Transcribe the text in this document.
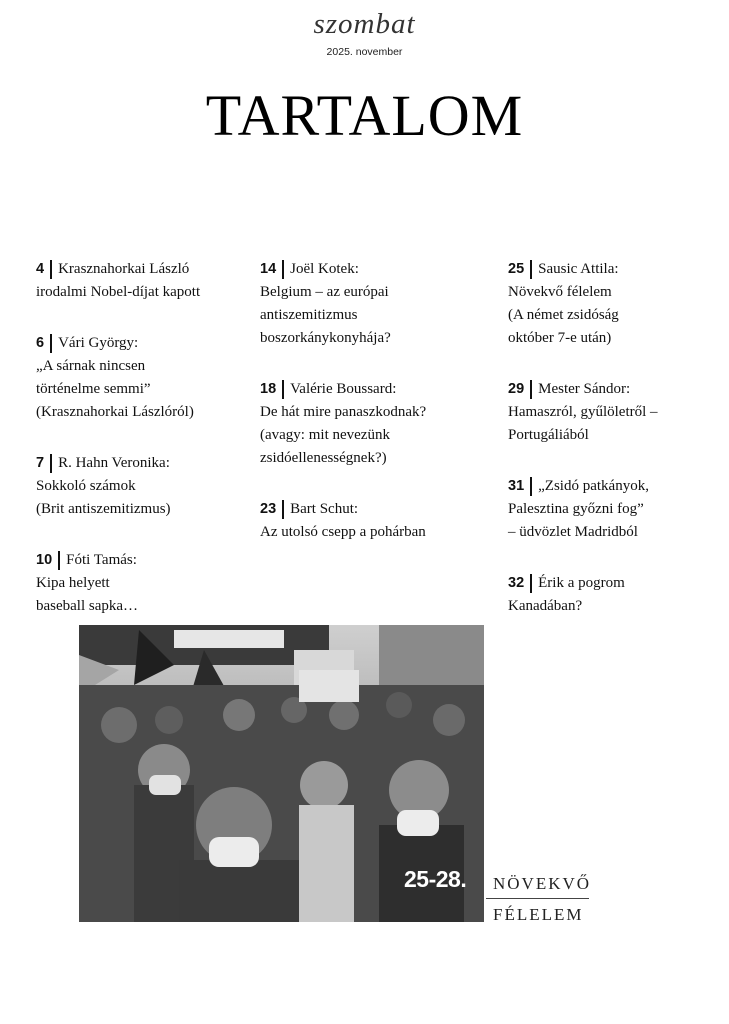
szombat
2025. november
TARTALOM
4 Krasznahorkai László
irodalmi Nobel-díjat kapott
6 Vári György:
„A sárnak nincsen
történelme semmi”
(Krasznahorkai Lászlóról)
7 R. Hahn Veronika:
Sokkoló számok
(Brit antiszemitizmus)
10 Fóti Tamás:
Kipa helyett
baseball sapka…
14 Joël Kotek:
Belgium – az európai
antiszemitizmus
boszorkánykonyhája?
18 Valérie Boussard:
De hát mire panaszkodnak?
(avagy: mit nevezünk
zsidóellenességnek?)
23 Bart Schut:
Az utolsó csepp a pohárban
25 Sausic Attila:
Növekvő félelem
(A német zsidóság
október 7-e után)
29 Mester Sándor:
Hamaszról, gyűlöletről –
Portugáliából
31 „Zsidó patkányok,
Palesztina győzni fog”
– üdvözlet Madridból
32 Érik a pogrom
Kanadában?
25-28. NÖVEKVŐ
FÉLELEM
